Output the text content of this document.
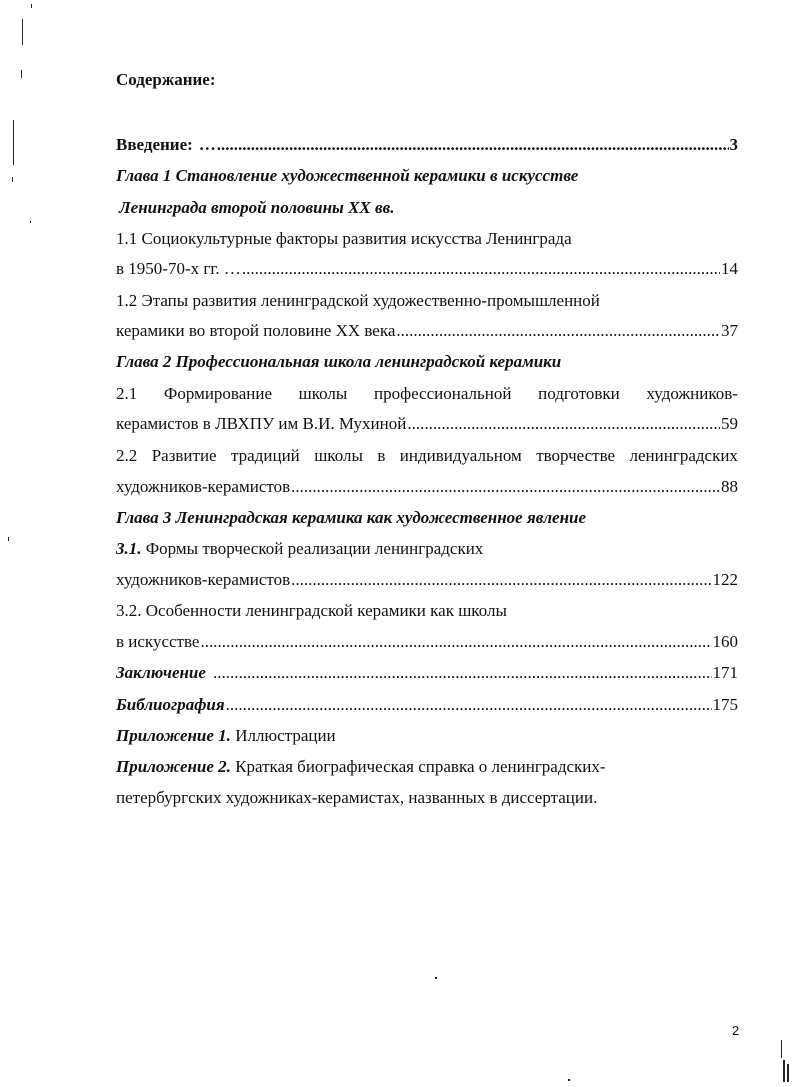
Содержание:
Введение: … .....	3
Глава 1 Становление художественной керамики в искусстве
Ленинграда второй половины ХХ вв.
1.1 Социокультурные факторы развития искусства Ленинграда
в 1950-70-х гг. … .....	14
1.2 Этапы развития ленинградской художественно-промышленной
керамики во второй половине ХХ века .....	37
Глава 2 Профессиональная школа ленинградской керамики
2.1 Формирование школы профессиональной подготовки художников-
керамистов в ЛВХПУ им В.И. Мухиной .....	59
2.2 Развитие традиций школы в индивидуальном творчестве ленинградских
художников-керамистов .....	88
Глава 3 Ленинградская керамика как художественное явление
3.1. Формы творческой реализации ленинградских
художников-керамистов .....	122
3.2. Особенности ленинградской керамики как школы
в искусстве .....	160
Заключение .....	171
Библиография .....	175
Приложение 1. Иллюстрации
Приложение 2. Краткая биографическая справка о ленинградских-
петербургских художниках-керамистах, названных в диссертации.
2
